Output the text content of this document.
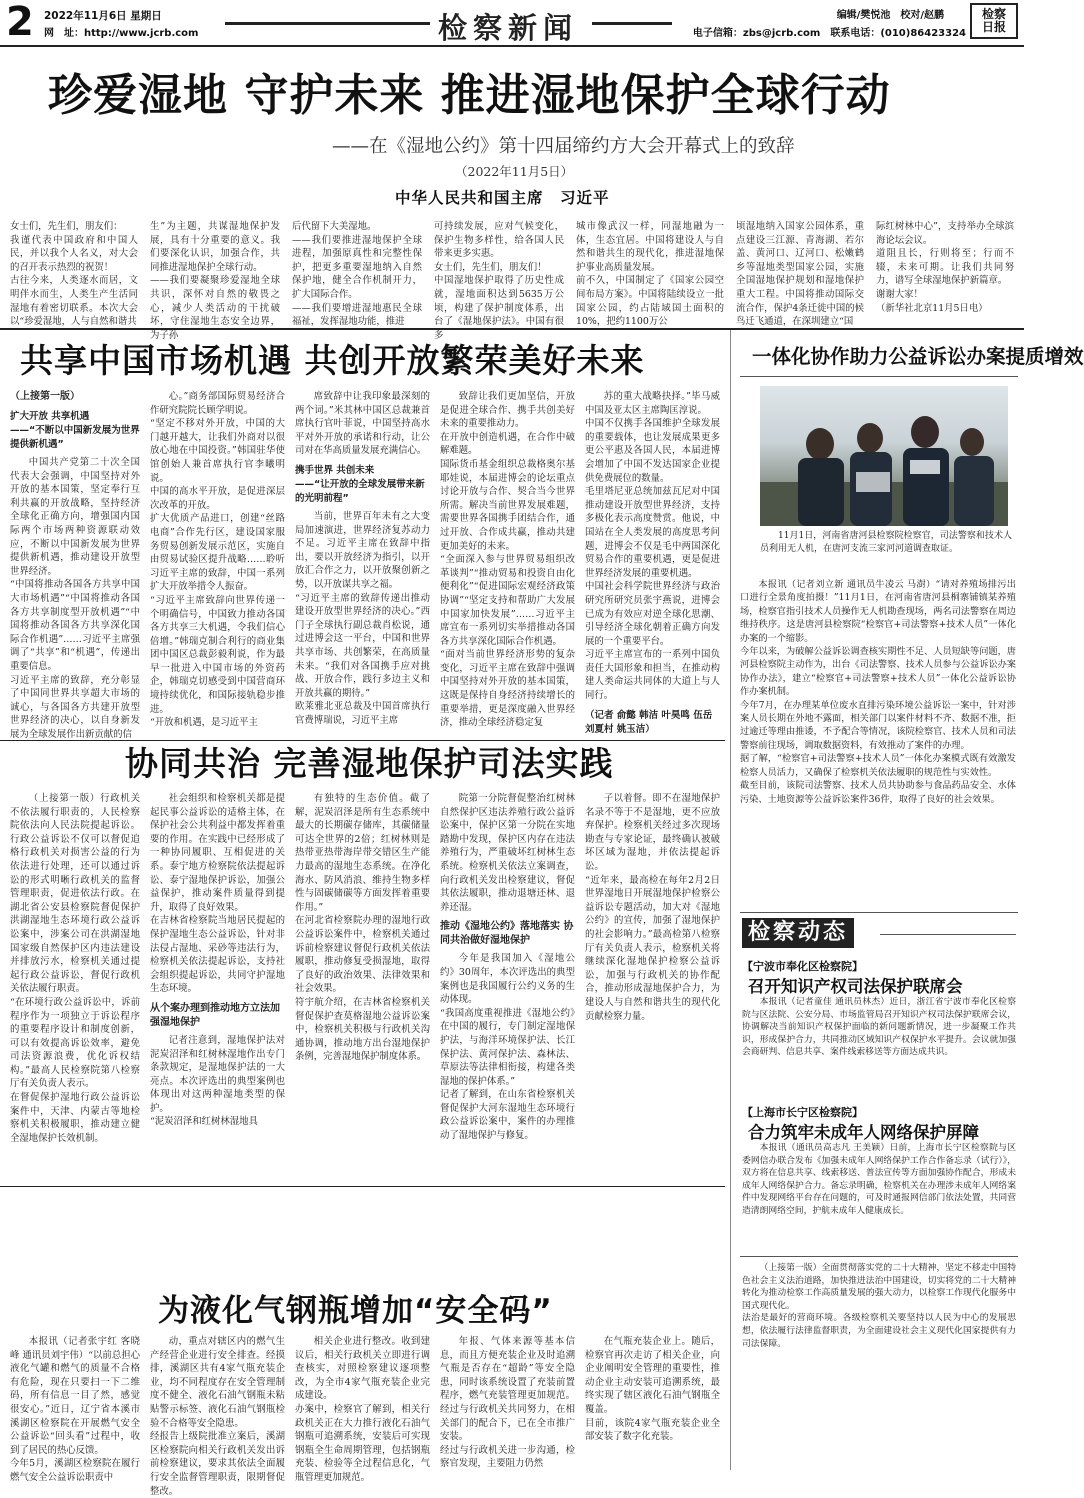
2 2022年11月6日 星期日
网　址：http://www.jcrb.com	检察新闻	编辑/樊悦池　校对/赵鹏
电子信箱：zbs@jcrb.com　联系电话：(010)86423324
检察日报
珍爱湿地 守护未来 推进湿地保护全球行动
——在《湿地公约》第十四届缔约方大会开幕式上的致辞
（2022年11月5日）
中华人民共和国主席　习近平

女士们，先生们，朋友们：
我谨代表中国政府和中国人民，并以我个人名义，对大会的召开表示热烈的祝贺！
古往今来，人类逐水而居，文明伴水而生，人类生产生活同湿地有着密切联系。本次大会以“珍爱湿地，人与自然和谐共

生”为主题，共谋湿地保护发展，具有十分重要的意义。我们要深化认识，加强合作，共同推进湿地保护全球行动。
——我们要凝聚珍爱湿地全球共识，深怀对自然的敬畏之心，减少人类活动的干扰破坏，守住湿地生态安全边界，为子孙

后代留下大美湿地。
——我们要推进湿地保护全球进程，加强原真性和完整性保护，把更多重要湿地纳入自然保护地，健全合作机制开力，扩大国际合作。
——我们要增进湿地惠民全球福祉，发挥湿地功能，推进

可持续发展，应对气候变化，保护生物多样性，给各国人民带来更多实惠。
女士们，先生们，朋友们！
中国湿地保护取得了历史性成就，湿地面积达到5635万公顷，构建了保护制度体系，出台了《湿地保护法》。中国有很多

城市像武汉一样，同湿地融为一体，生态宜居。中国将建设人与自然和谐共生的现代化，推进湿地保护事业高质量发展。
前不久，中国制定了《国家公园空间布局方案》。中国将陆续设立一批国家公园，约占陆域国土面积的10%，把约1100万公

顷湿地纳入国家公园体系，重点建设三江源、青海湖、若尔盖、黄河口、辽河口、松嫩鹤乡等湿地类型国家公园，实施全国湿地保护规划和湿地保护重大工程。中国将推动国际交流合作，保护4条迁徙中国的候鸟迁飞通道，在深圳建立“国

际红树林中心”，支持举办全球滨海论坛会议。
道阻且长，行则将至；行而不辍，未来可期。让我们共同努力，谱写全球湿地保护新篇章。
谢谢大家！
（新华社北京11月5日电）

共享中国市场机遇 共创开放繁荣美好未来
（上接第一版）
扩大开放 共享机遇
——“不断以中国新发展为世界提供新机遇”

中国共产党第二十次全国代表大会强调，中国坚持对外开放的基本国策，坚定奉行互利共赢的开放战略，坚持经济全球化正确方向，增强国内国际两个市场两种资源联动效应，不断以中国新发展为世界提供新机遇，推动建设开放型世界经济。
“中国将推动各国各方共享中国大市场机遇”“中国将推动各国各方共享制度型开放机遇”“中国将推动各国各方共享深化国际合作机遇”……习近平主席强调了“共享”和“机遇”，传递出重要信息。
习近平主席的致辞，充分彰显了中国同世界共享超大市场的诚心，与各国各方共建开放型世界经济的决心，以自身新发展为全球发展作出新贡献的信

心。”商务部国际贸易经济合作研究院院长顾学明说。
“坚定不移对外开放，中国的大门越开越大，让我们外商对以很放心地在中国投资。”韩国驻华使馆创始人兼首席执行官李曦明说。
中国的高水平开放，是促进深层次改革的开放。
扩大优质产品进口，创建“丝路电商”合作先行区，建设国家服务贸易创新发展示范区，实施自由贸易试验区提升战略……聆听习近平主席的致辞，中国一系列扩大开放举措令人振奋。
“习近平主席致辞向世界传递一个明确信号，中国致力推动各国各方共享三大机遇，令我们信心倍增。”韩瑞克制合利行的商业集团中国区总裁彭毅利说，作为最早一批进入中国市场的外资药企，韩瑞克切感受到中国营商环境持续优化，和国际接轨稳步推进。
“开放和机遇，是习近平主

席致辞中让我印象最深刻的两个词。”米其林中国区总裁兼首席执行官叶菲说，中国坚持高水平对外开放的承诺和行动，让公司对在华高质量发展充满信心。

携手世界 共创未来
——“让开放的全球发展带来新的光明前程”

当前，世界百年未有之大变局加速演进，世界经济复苏动力不足。习近平主席在致辞中指出，要以开放经济为指引，以开放汇合作之力，以开放聚创新之势，以开放谋共享之福。
“习近平主席的致辞传递出推动建设开放型世界经济的决心。”西门子全球执行副总裁肖松说，通过进博会这一平台，中国和世界共享市场、共创繁荣，在高质量未来。“我们对各国携手应对挑战、开放合作，践行多边主义和开放共赢的期待。”
欧莱雅北亚总裁及中国首席执行官费博瑞说，习近平主席

致辞让我们更加坚信，开放是促进全球合作、携手共创美好未来的重要推动力。
在开放中创造机遇，在合作中破解难题。
国际货币基金组织总裁格奥尔基耶娃说，本届进博会的论坛重点讨论开放与合作、契合当今世界所需。解决当前世界发展难题，需要世界各国携手团结合作，通过开放、合作成共赢，推动共建更加美好的未来。
“全面深入参与世界贸易组织改革谈判”“推动贸易和投资自由化便利化”“促进国际宏观经济政策协调”“坚定支持和帮助广大发展中国家加快发展”……习近平主席宣布一系列切实举措推动各国各方共享深化国际合作机遇。
“面对当前世界经济形势的复杂变化，习近平主席在致辞中强调中国坚持对外开放的基本国策，这既是保持自身经济持续增长的重要举措，更是深度融入世界经济，推动全球经济稳定复

苏的重大战略抉择。”毕马威中国及亚太区主席陶匡淳说。
中国不仅携手各国维护全球发展的重要载体，也让发展成果更多更公平惠及各国人民，本届进博会增加了中国不发达国家企业提供免费展位的数量。
毛里塔尼亚总统加兹瓦尼对中国推动建设开放型世界经济，支持多极化表示高度赞赏。他说，中国站在全人类发展的高度思考问题，进博会不仅是毛中两国深化贸易合作的重要机遇，更是促进世界经济发展的重要机遇。
中国社会科学院世界经济与政治研究所研究员张宇燕说，进博会已成为有效应对逆全球化思潮、引导经济全球化朝着正确方向发展的一个重要平台。
习近平主席宣布的一系列中国负责任大国形象和担当，在推动构建人类命运共同体的大道上与人同行。

（记者 俞懿 韩洁 叶昊鸣 伍岳 刘夏村 姚玉洁）
协同共治 完善湿地保护司法实践

（上接第一版）行政机关不依法履行职责的，人民检察院依法向人民法院提起诉讼。行政公益诉讼不仅可以督促追格行政机关对损害公益的行为依法进行处理，还可以通过诉讼的形式明晰行政机关的监督管理职责，促进依法行政。在湖北省公安县检察院督促保护洪湖湿地生态环境行政公益诉讼案中，涉案公司在洪湖湿地国家级自然保护区内违法建设并排放污水，检察机关通过提起行政公益诉讼，督促行政机关依法履行职责。
“在环境行政公益诉讼中，诉前程序作为一项独立于诉讼程序的重要程序设计和制度创新，可以有效提高诉讼效率，避免司法资源浪费，优化诉权结构。”最高人民检察院第八检察厅有关负责人表示。
在督促保护湿地行政公益诉讼案件中，天津、内蒙古等地检察机关积极履职，推动建立健全湿地保护长效机制。

社会组织和检察机关都是提起民事公益诉讼的适格主体，在保护社会公共利益中都发挥着重要的作用。在实践中已经形成了一种协同履职、互相促进的关系。泰宁地方检察院依法提起诉讼、泰宁湿地保护诉讼，加强公益保护，推动案件质量得到提升，取得了良好效果。
在吉林省检察院当地居民提起的保护湿地生态公益诉讼，针对非法侵占湿地、采砂等违法行为，检察机关依法提起诉讼，支持社会组织提起诉讼，共同守护湿地生态环境。

从个案办理到推动地方立法加强湿地保护

记者注意到，湿地保护法对泥炭沼泽和红树林湿地作出专门条款规定，是湿地保护法的一大亮点。本次评选出的典型案例也体现出对这两种湿地类型的保护。
“泥炭沼泽和红树林湿地具

有独特的生态价值。截了解，泥炭沼泽是所有生态系统中最大的长期碳存储库，其碳储量可达全世界的2倍；红树林则是热带亚热带海岸带交错区生产能力最高的湿地生态系统。在净化海水、防风消浪、维持生物多样性与固碳储碳等方面发挥着重要作用。”
在河北省检察院办理的湿地行政公益诉讼案件中，检察机关通过诉前检察建议督促行政机关依法履职，推动修复受损湿地，取得了良好的政治效果、法律效果和社会效果。
符宇航介绍，在吉林省检察机关督促保护查莫格湿地公益诉讼案中，检察机关积极与行政机关沟通协调，推动地方出台湿地保护条例，完善湿地保护制度体系。

院第一分院督促整治红树林自然保护区违法养殖行政公益诉讼案中，保护区第一分院在实地踏勘中发现，保护区内存在违法养殖行为，严重破坏红树林生态系统。检察机关依法立案调查，向行政机关发出检察建议，督促其依法履职，推动退塘还林、退养还湿。

推动《湿地公约》落地落实 协同共治做好湿地保护

今年是我国加入《湿地公约》30周年，本次评选出的典型案例也是我国履行公约义务的生动体现。
“我国高度重视推进《湿地公约》在中国的履行，专门制定湿地保护法，与海洋环境保护法、长江保护法、黄河保护法、森林法、草原法等法律相衔接，构建各类湿地的保护体系。”
记者了解到，在山东省检察机关督促保护大河东湿地生态环境行政公益诉讼案中，案件的办理推动了湿地保护与修复。

子以着督。即不在湿地保护名录不等于不是湿地，更不应放弃保护。检察机关经过多次现场勘查与专家论证，最终确认被破坏区域为湿地，并依法提起诉讼。
“近年来，最高检在每年2月2日世界湿地日开展湿地保护检察公益诉讼专题活动，加大对《湿地公约》的宣传，加强了湿地保护的社会影响力。”最高检第八检察厅有关负责人表示，检察机关将继续深化湿地保护检察公益诉讼，加强与行政机关的协作配合，推动形成湿地保护合力，为建设人与自然和谐共生的现代化贡献检察力量。

为液化气钢瓶增加“安全码”

本报讯（记者张宇红 客晓峰 通讯员刘宇伟）“以前总担心液化气罐和燃气的质量不合格有危险，现在只要扫一下二维码，所有信息一目了然，感觉很安心。”近日，辽宁省本溪市溪湖区检察院在开展燃气安全公益诉讼“回头看”过程中，收到了居民的热心反馈。
今年5月，溪湖区检察院在履行燃气安全公益诉讼职责中

动，重点对辖区内的燃气生产经营企业进行安全排查。经摸排，溪湖区共有4家气瓶充装企业，均不同程度存在安全管理制度不健全、液化石油气钢瓶未粘贴警示标签、液化石油气钢瓶检验不合格等安全隐患。
经报告上级院批准立案后，溪湖区检察院向相关行政机关发出诉前检察建议，要求其依法全面履行安全监督管理职责，限期督促整改。

相关企业进行整改。收到建议后，相关行政机关立即进行调查核实，对照检察建议逐项整改，为全市4家气瓶充装企业完成建设。
办案中，检察官了解到，相关行政机关正在大力推行液化石油气钢瓶可追溯系统，安装后可实现钢瓶全生命周期管理，包括钢瓶充装、检验等全过程信息化，气瓶管理更加规范。

年报、气体来源等基本信息，而且方便充装企业及时追溯气瓶是否存在“超龄”等安全隐患，同时该系统设置了充装前置程序，燃气充装管理更加规范。经过与行政机关共同努力，在相关部门的配合下，已在全市推广安装。
经过与行政机关进一步沟通，检察官发现，主要阻力仍然

在气瓶充装企业上。随后，检察官再次走访了相关企业，向企业阐明安全管理的重要性，推动企业主动安装可追溯系统，最终实现了辖区液化石油气钢瓶全覆盖。
目前，该院4家气瓶充装企业全部安装了数字化充装。

一体化协作助力公益诉讼办案提质增效

11月1日，河南省唐河县检察院检察官，司法警察和技术人员利用无人机，在唐河支流三家河河道调查取证。

本报讯（记者刘立新 通讯员牛凌云 马澍）“请对养殖场排污出口进行全景角度拍摄！”11月1日，在河南省唐河县桐寨铺镇某养殖场，检察官指引技术人员操作无人机勘查现场，两名司法警察在周边维持秩序。这是唐河县检察院“检察官+司法警察+技术人员”一体化办案的一个缩影。
今年以来，为破解公益诉讼调查核实期性不足、人员短缺等问题，唐河县检察院主动作为，出台《司法警察、技术人员参与公益诉讼办案协作办法》，建立“检察官+司法警察+技术人员”一体化公益诉讼协作办案机制。
今年7月，在办理某单位废水直排污染环境公益诉讼一案中，针对涉案人员长期在外地不露面，相关部门以案件材料不齐、数据不准，拒过逾迁等理由推诿，不予配合等情况，该院检察官、技术人员和司法警察前往现场，调取数据资料，有效推动了案件的办理。
据了解，“检察官+司法警察+技术人员”一体化办案模式既有效激发检察人员活力，又确保了检察机关依法履职的规范性与实效性。
截至目前，该院司法警察、技术人员共协助参与食品药品安全、水体污染、土地资源等公益诉讼案件36件，取得了良好的社会效果。

检察动态
【宁波市奉化区检察院】
召开知识产权司法保护联席会

本报讯（记者童佳 通讯员林杰）近日，浙江省宁波市奉化区检察院与区法院、公安分局、市场监管局召开知识产权司法保护联席会议，协调解决当前知识产权保护面临的新问题新情况，进一步凝聚工作共识，形成保护合力，共同推动区域知识产权保护水平提升。会议就加强会商研判、信息共享、案件线索移送等方面达成共识。

【上海市长宁区检察院】
合力筑牢未成年人网络保护屏障

本报讯（通讯员高志凡 王美颖）日前，上海市长宁区检察院与区委网信办联合发布《加强未成年人网络保护工作合作备忘录（试行）》，双方将在信息共享、线索移送、普法宣传等方面加强协作配合，形成未成年人网络保护合力。备忘录明确，检察机关在办理涉未成年人网络案件中发现网络平台存在问题的，可及时通报网信部门依法处置，共同营造清朗网络空间，护航未成年人健康成长。

（上接第一版）全面贯彻落实党的二十大精神，坚定不移走中国特色社会主义法治道路，加快推进法治中国建设，切实将党的二十大精神转化为推动检察工作高质量发展的强大动力，以检察工作现代化服务中国式现代化。
法治是最好的营商环境。各级检察机关要坚持以人民为中心的发展思想，依法履行法律监督职责，为全面建设社会主义现代化国家提供有力司法保障。
